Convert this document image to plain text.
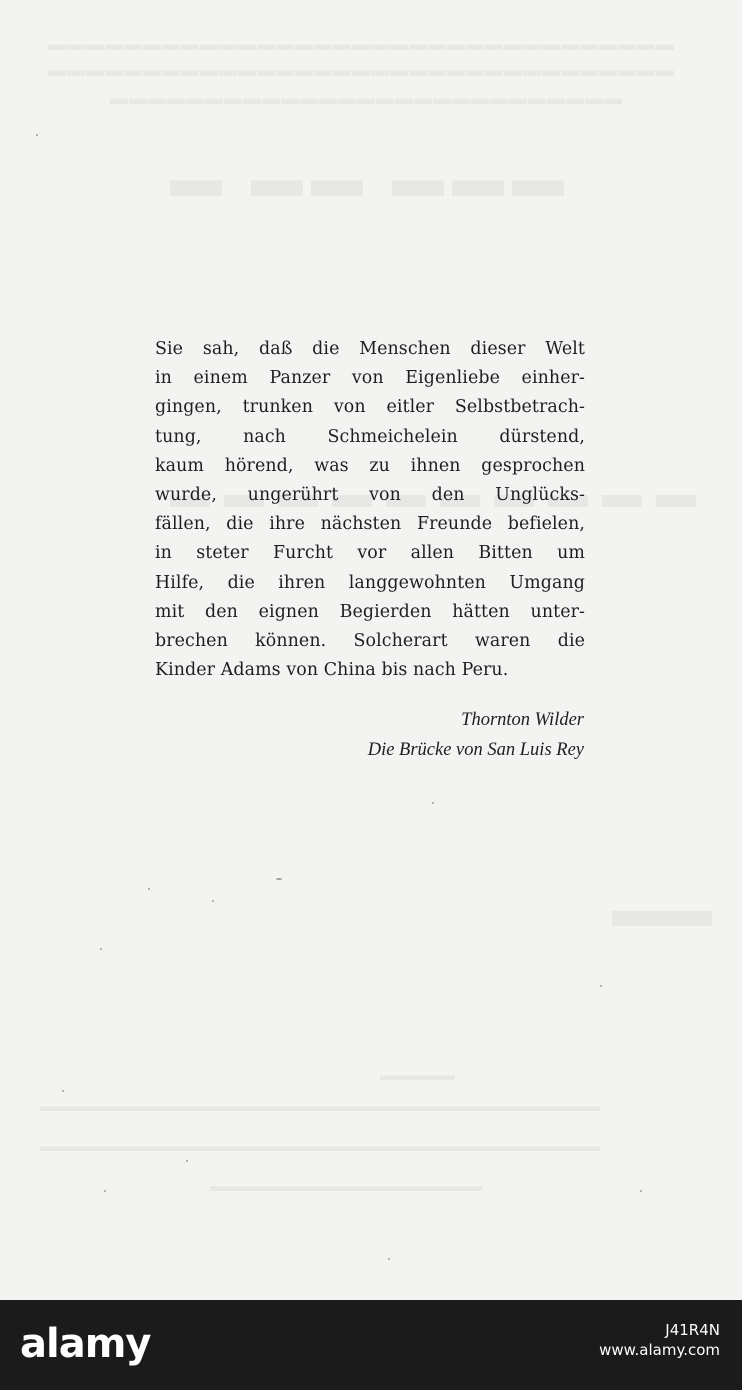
Sie sah, daß die Menschen dieser Welt
in einem Panzer von Eigenliebe einher-
gingen, trunken von eitler Selbstbetrach-
tung, nach Schmeichelein dürstend,
kaum hörend, was zu ihnen gesprochen
wurde, ungerührt von den Unglücks-
fällen, die ihre nächsten Freunde befielen,
in steter Furcht vor allen Bitten um
Hilfe, die ihren langgewohnten Umgang
mit den eignen Begierden hätten unter-
brechen können. Solcherart waren die
Kinder Adams von China bis nach Peru.
Thornton Wilder
Die Brücke von San Luis Rey
alamy	J41R4N
www.alamy.com
